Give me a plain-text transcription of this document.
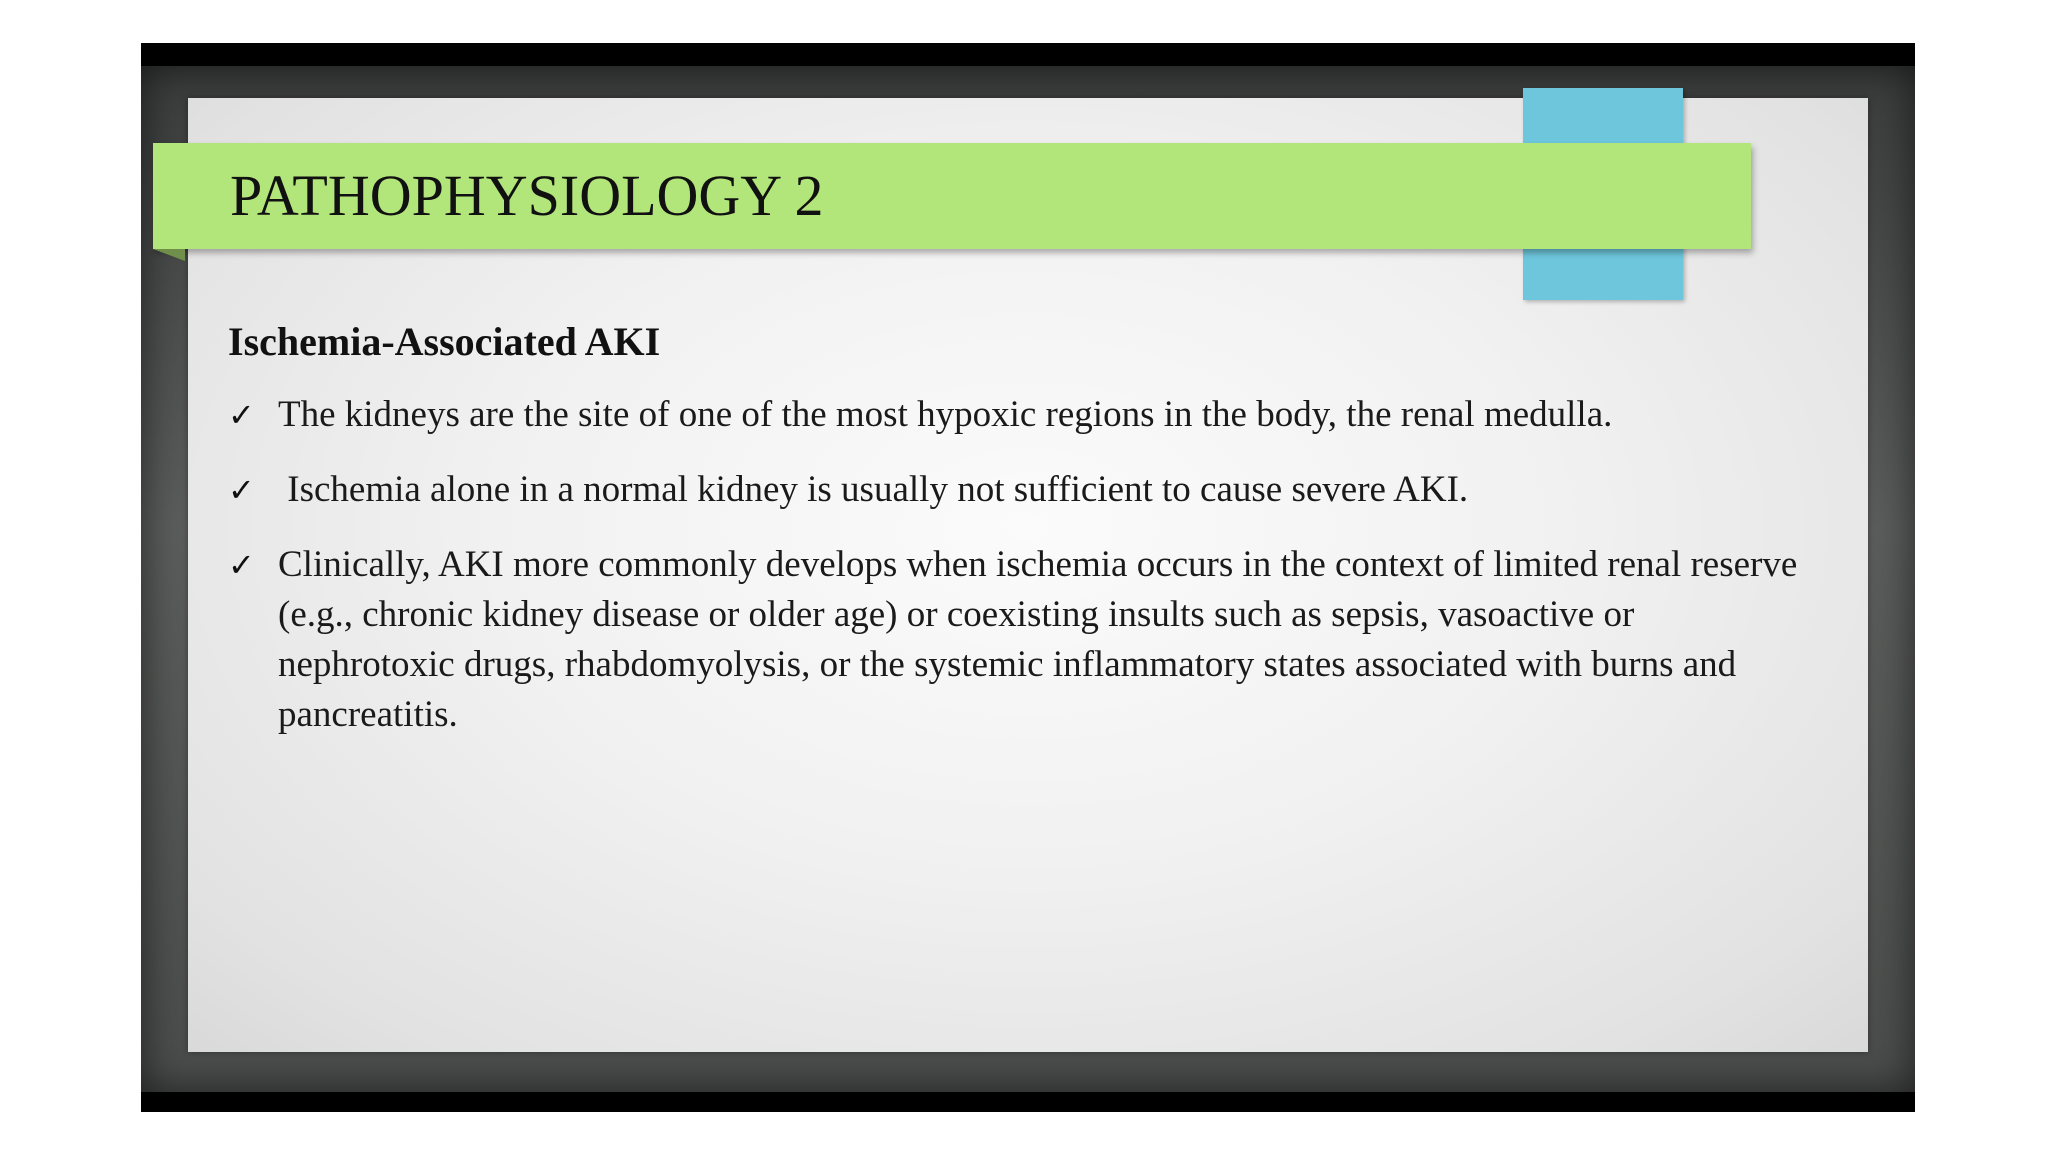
PATHOPHYSIOLOGY 2
Ischemia-Associated AKI
✓ The kidneys are the site of one of the most hypoxic regions in the body, the renal medulla.
✓ Ischemia alone in a normal kidney is usually not sufficient to cause severe AKI.
✓ Clinically, AKI more commonly develops when ischemia occurs in the context of limited renal reserve (e.g., chronic kidney disease or older age) or coexisting insults such as sepsis, vasoactive or nephrotoxic drugs, rhabdomyolysis, or the systemic inflammatory states associated with burns and pancreatitis.
